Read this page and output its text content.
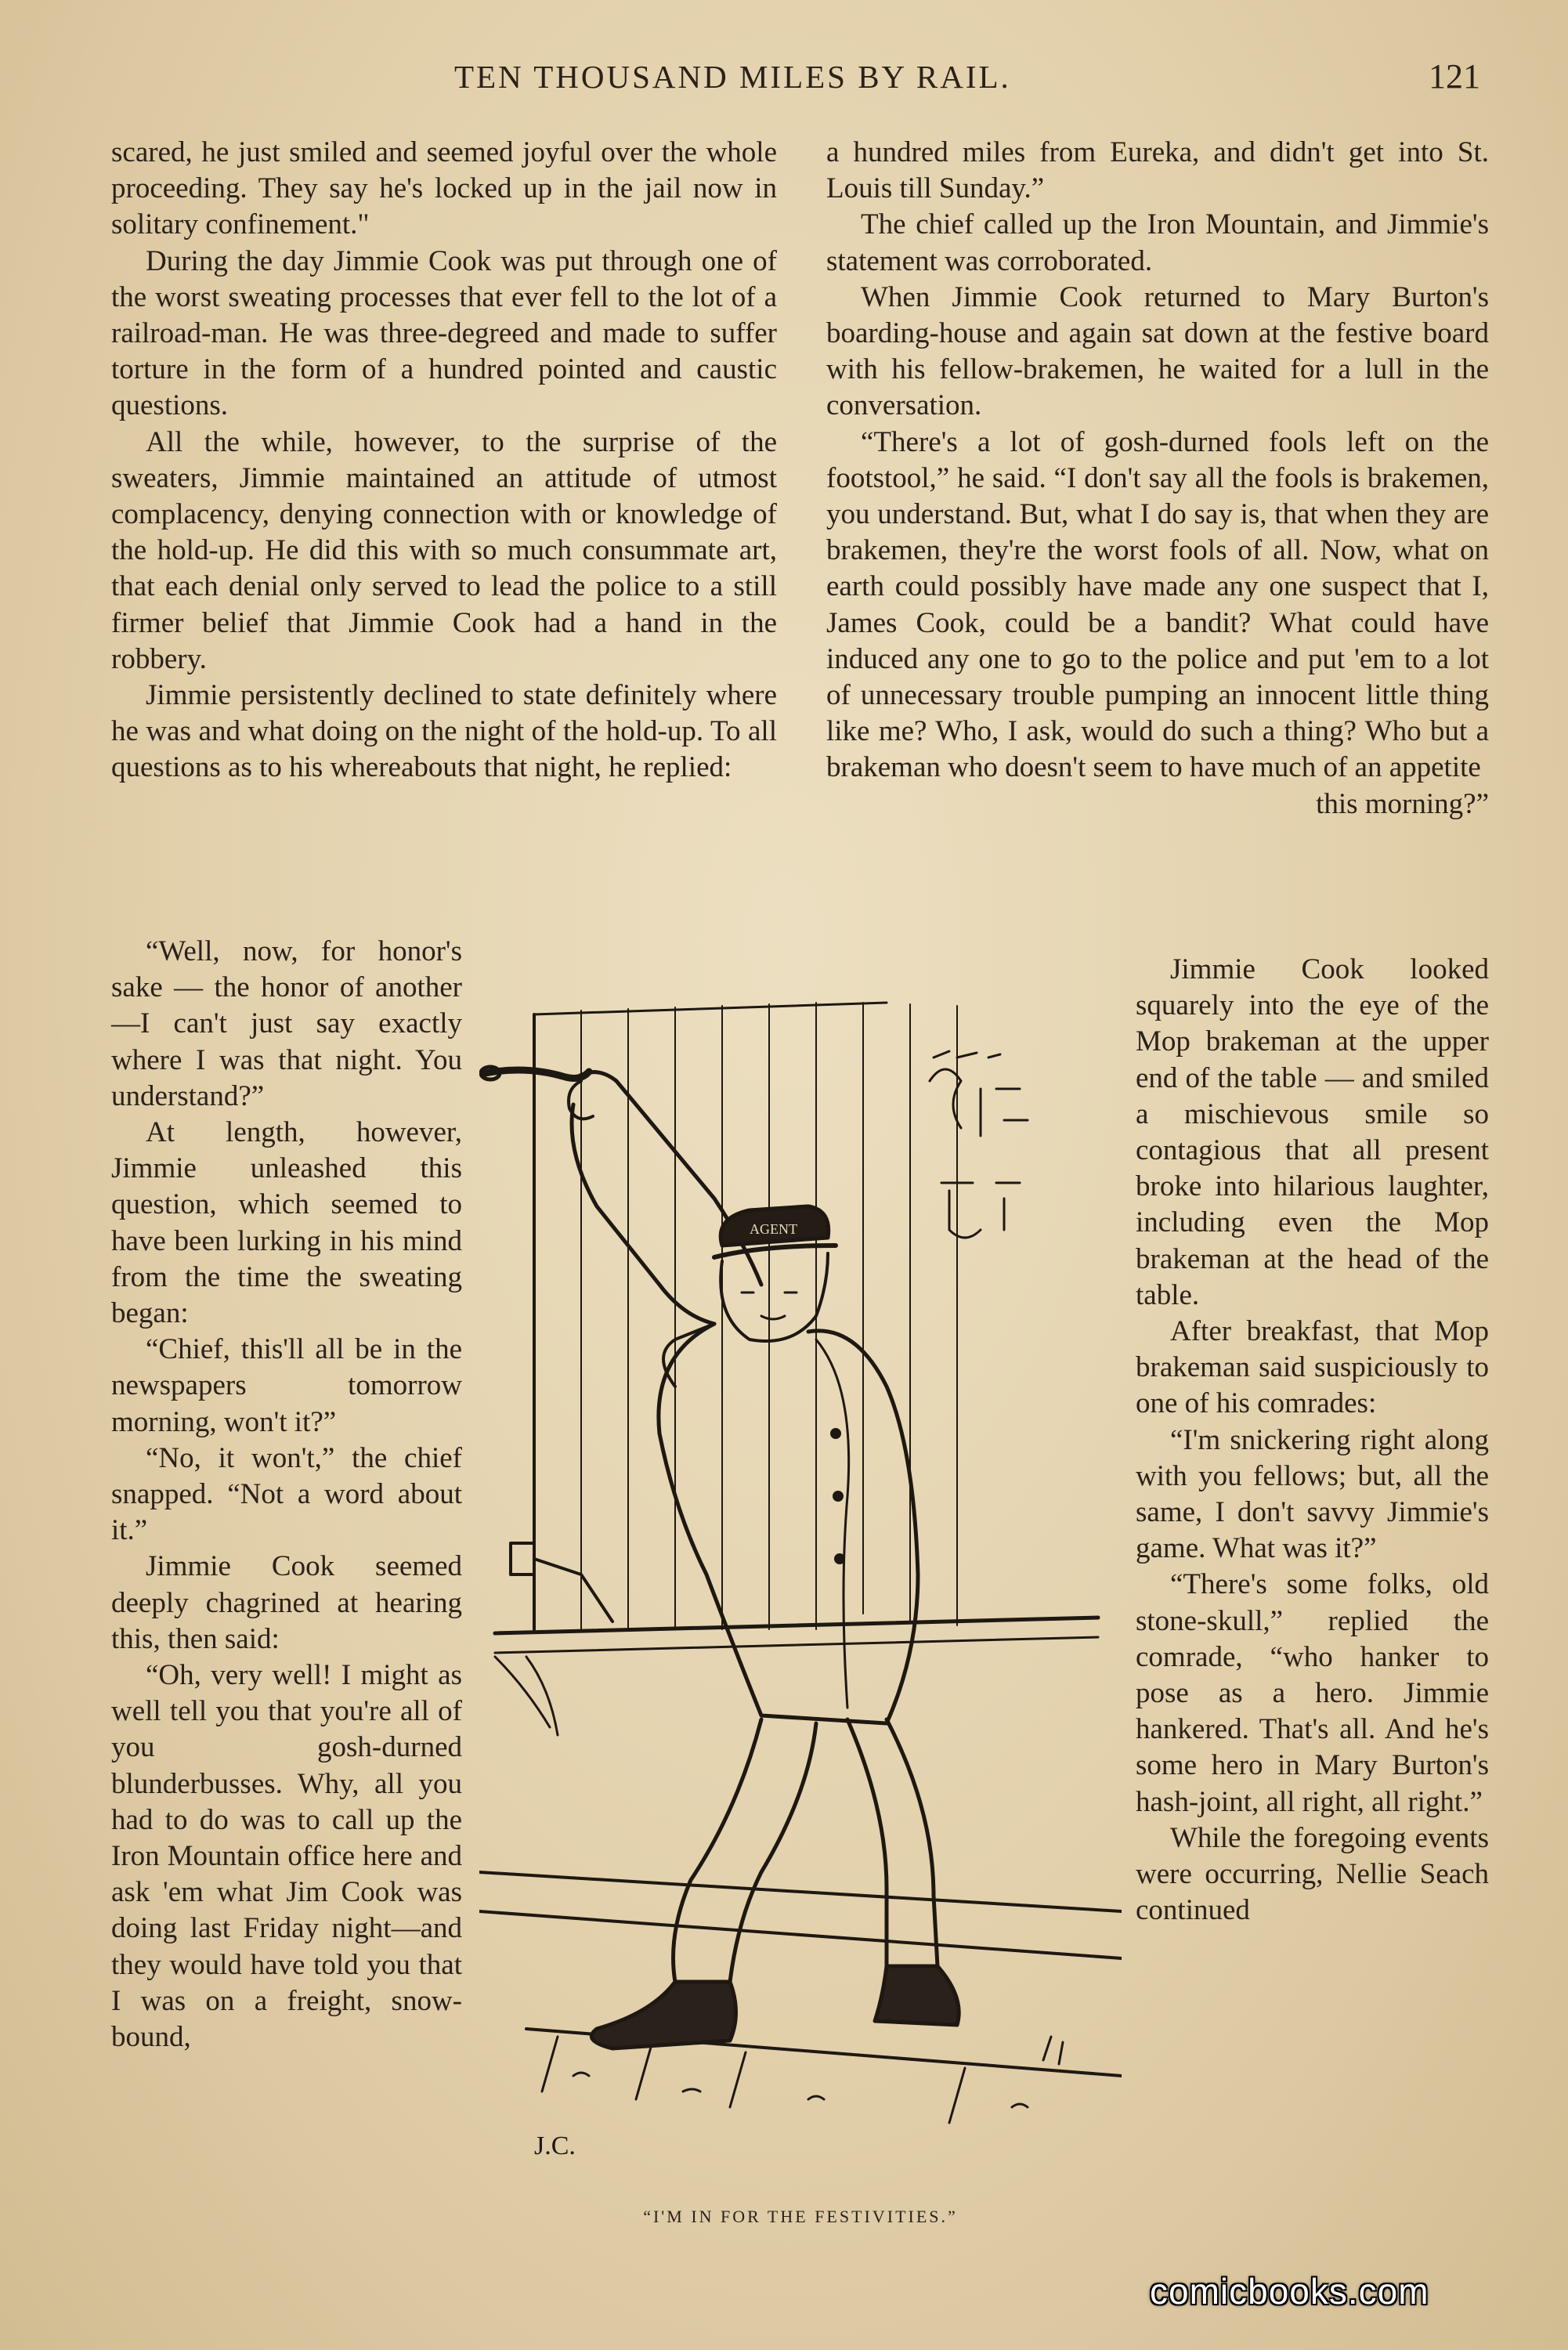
TEN THOUSAND MILES BY RAIL.	121

scared, he just smiled and seemed joyful over the whole proceeding. They say he's locked up in the jail now in solitary confinement."

During the day Jimmie Cook was put through one of the worst sweating processes that ever fell to the lot of a railroad-man. He was three-degreed and made to suffer torture in the form of a hundred pointed and caustic questions.

All the while, however, to the surprise of the sweaters, Jimmie maintained an attitude of utmost complacency, denying connection with or knowledge of the hold-up. He did this with so much consummate art, that each denial only served to lead the police to a still firmer belief that Jimmie Cook had a hand in the robbery.

Jimmie persistently declined to state definitely where he was and what doing on the night of the hold-up. To all questions as to his whereabouts that night, he replied:

“Well, now, for honor's sake — the honor of another—I can't just say exactly where I was that night. You understand?”

At length, however, Jimmie unleashed this question, which seemed to have been lurking in his mind from the time the sweating began:

“Chief, this'll all be in the newspapers tomorrow morning, won't it?”

“No, it won't,” the chief snapped. “Not a word about it.”

Jimmie Cook seemed deeply chagrined at hearing this, then said:

“Oh, very well! I might as well tell you that you're all of you gosh-durned blunderbusses. Why, all you had to do was to call up the Iron Mountain office here and ask 'em what Jim Cook was doing last Friday night—and they would have told you that I was on a freight, snow-bound,

a hundred miles from Eureka, and didn't get into St. Louis till Sunday.”

The chief called up the Iron Mountain, and Jimmie's statement was corroborated.

When Jimmie Cook returned to Mary Burton's boarding-house and again sat down at the festive board with his fellow-brakemen, he waited for a lull in the conversation.

“There's a lot of gosh-durned fools left on the footstool,” he said. “I don't say all the fools is brakemen, you understand. But, what I do say is, that when they are brakemen, they're the worst fools of all. Now, what on earth could possibly have made any one suspect that I, James Cook, could be a bandit? What could have induced any one to go to the police and put 'em to a lot of unnecessary trouble pumping an innocent little thing like me? Who, I ask, would do such a thing? Who but a brakeman who doesn't seem to have much of an appetite

this morning?”

Jimmie Cook looked squarely into the eye of the Mop brakeman at the upper end of the table — and smiled a mischievous smile so contagious that all present broke into hilarious laughter, including even the Mop brakeman at the head of the table.

After breakfast, that Mop brakeman said suspiciously to one of his comrades:

“I'm snickering right along with you fellows; but, all the same, I don't savvy Jimmie's game. What was it?”

“There's some folks, old stone-skull,” replied the comrade, “who hanker to pose as a hero. Jimmie hankered. That's all. And he's some hero in Mary Burton's hash-joint, all right, all right.”

While the foregoing events were occurring, Nellie Seach continued

AGENT
J.C.
“I'M IN FOR THE FESTIVITIES.”
comicbooks.com
